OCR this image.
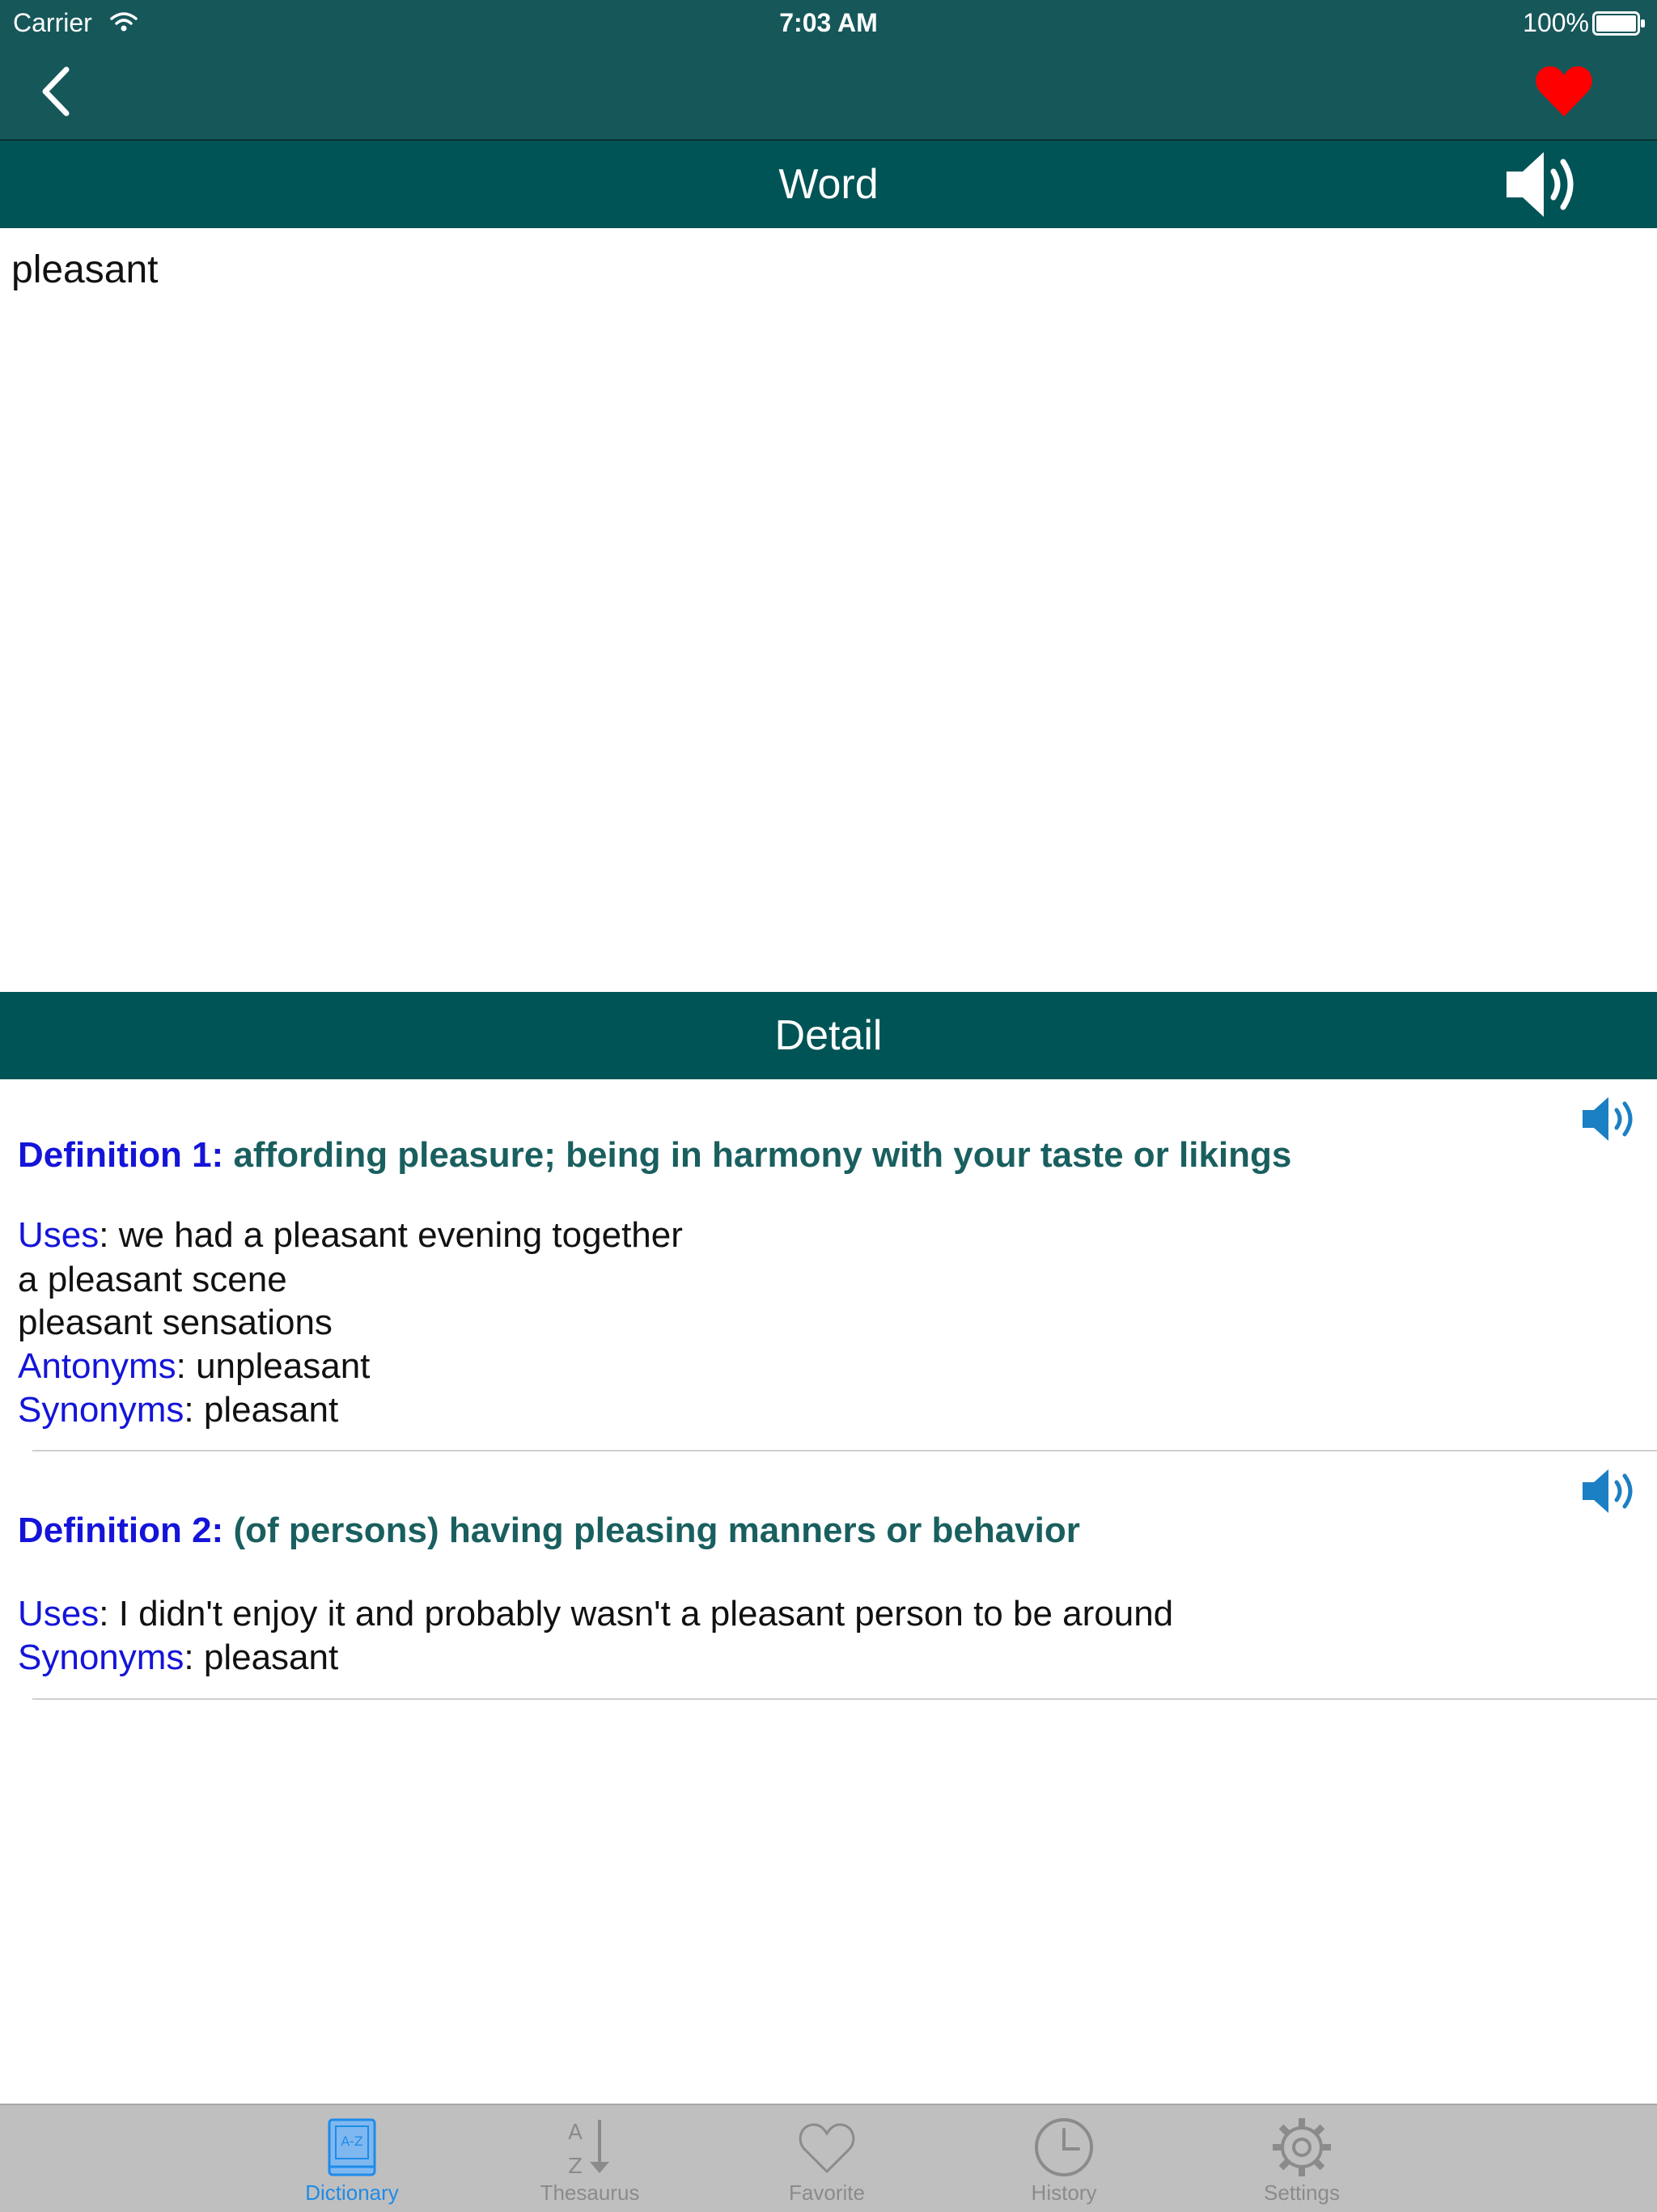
Carrier	7:03 AM	100%
Word
pleasant
Detail
Definition 1: affording pleasure; being in harmony with your taste or likings
Uses: we had a pleasant evening together
a pleasant scene
pleasant sensations
Antonyms: unpleasant
Synonyms: pleasant
Definition 2: (of persons) having pleasing manners or behavior
Uses: I didn't enjoy it and probably wasn't a pleasant person to be around
Synonyms: pleasant
A-Z
Dictionary
A
Z
Thesaurus	Favorite	History	Settings
